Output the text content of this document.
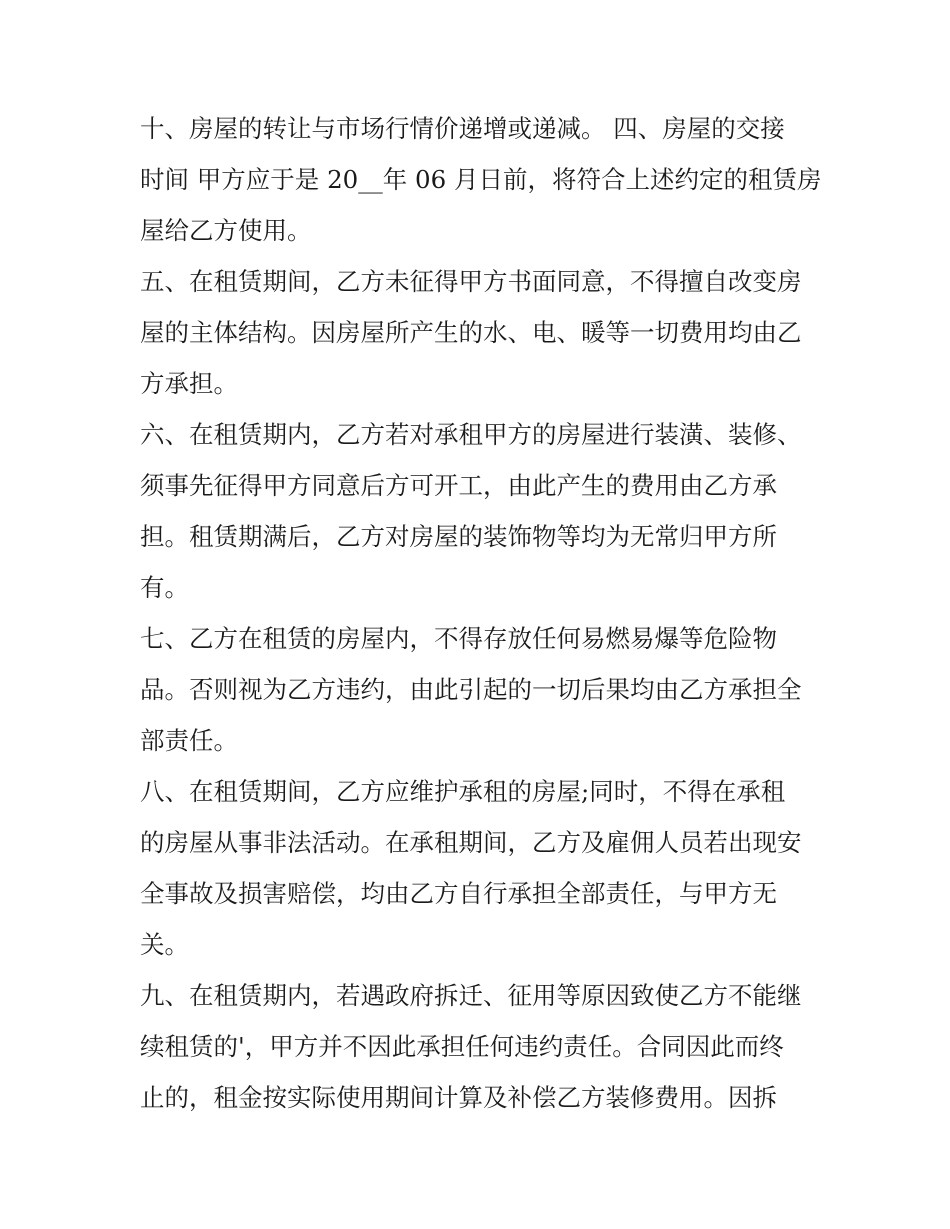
十、房屋的转让与市场行情价递增或递减。 四、房屋的交接
时间 甲方应于是 20__年 06 月日前，将符合上述约定的租赁房
屋给乙方使用。
五、在租赁期间，乙方未征得甲方书面同意，不得擅自改变房
屋的主体结构。因房屋所产生的水、电、暖等一切费用均由乙
方承担。
六、在租赁期内，乙方若对承租甲方的房屋进行装潢、装修、
须事先征得甲方同意后方可开工，由此产生的费用由乙方承
担。租赁期满后，乙方对房屋的装饰物等均为无常归甲方所
有。
七、乙方在租赁的房屋内，不得存放任何易燃易爆等危险物
品。否则视为乙方违约，由此引起的一切后果均由乙方承担全
部责任。
八、在租赁期间，乙方应维护承租的房屋;同时，不得在承租
的房屋从事非法活动。在承租期间，乙方及雇佣人员若出现安
全事故及损害赔偿，均由乙方自行承担全部责任，与甲方无
关。
九、在租赁期内，若遇政府拆迁、征用等原因致使乙方不能继
续租赁的'，甲方并不因此承担任何违约责任。合同因此而终
止的，租金按实际使用期间计算及补偿乙方装修费用。因拆
